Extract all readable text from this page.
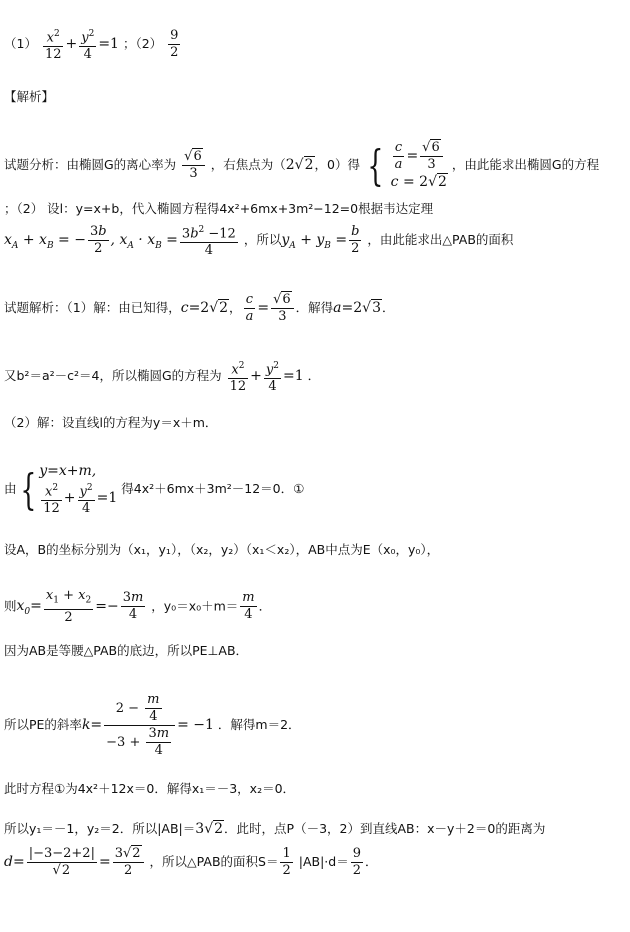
$(1) \frac{x^2}{12} + \frac{y^2}{4} =1$ ；$(2) \frac{9}{2}$
【解析】
试题分析：由椭圆G的离心率为 $\frac{√6}{3}$ ，右焦点为（2√2，0）得 { $\frac{c}{a} = \frac{√6}{3}$
c = 2√2
，由此能求出椭圆G的方程
；（2） 设l：y=x+b，代入椭圆方程得4x²+6mx+3m²−12=0根据韦达定理
$x_A + x_B$ = − $\frac{3b}{2}$ , $x_A \cdot x_B = \frac{3b^2 -12}{4}$ ，所以$y_A + y_B = \frac{b}{2}$ ，由此能求出△PAB的面积
试题解析：（1）解：由已知得，c=2√2， $\frac{c}{a} = \frac{√6}{3}$ ．解得a=2√3．
又b²＝a²－c²＝4，所以椭圆G的方程为 $\frac{x^2}{12} + \frac{y^2}{4} =1$ ．
（2）解：设直线l的方程为y＝x＋m．
由{ y=x+m,
$\frac{x^2}{12} + \frac{y^2}{4} =1$
得4x²＋6mx＋3m²－12＝0．①
设A，B的坐标分别为（x₁，y₁），（x₂，y₂）（x₁＜x₂），AB中点为E（x₀，y₀），
则$x_0= \frac{x_1 + x_2}{2} =- \frac{3m}{4}$ ，$y_0=x_0+m= \frac{m}{4}$ ．
因为AB是等腰△PAB的底边，所以PE⊥AB．
所以PE的斜率$k= \frac{2 - \frac{m}{4}}{-3 + \frac{3m}{4}} = -1$ ．解得m＝2．
此时方程①为4x²＋12x＝0．解得x₁＝－3，x₂＝0．
所以y₁＝－1，y₂＝2．所以|AB|＝3√2．此时，点P（－3，2）到直线AB：x－y＋2＝0的距离为
$d= \frac{|-3-2+2|}{√2} = \frac{3√2}{2}$ ，所以△PAB的面积$S= \frac{1}{2} |AB|\cdot d= \frac{9}{2}$ ．
